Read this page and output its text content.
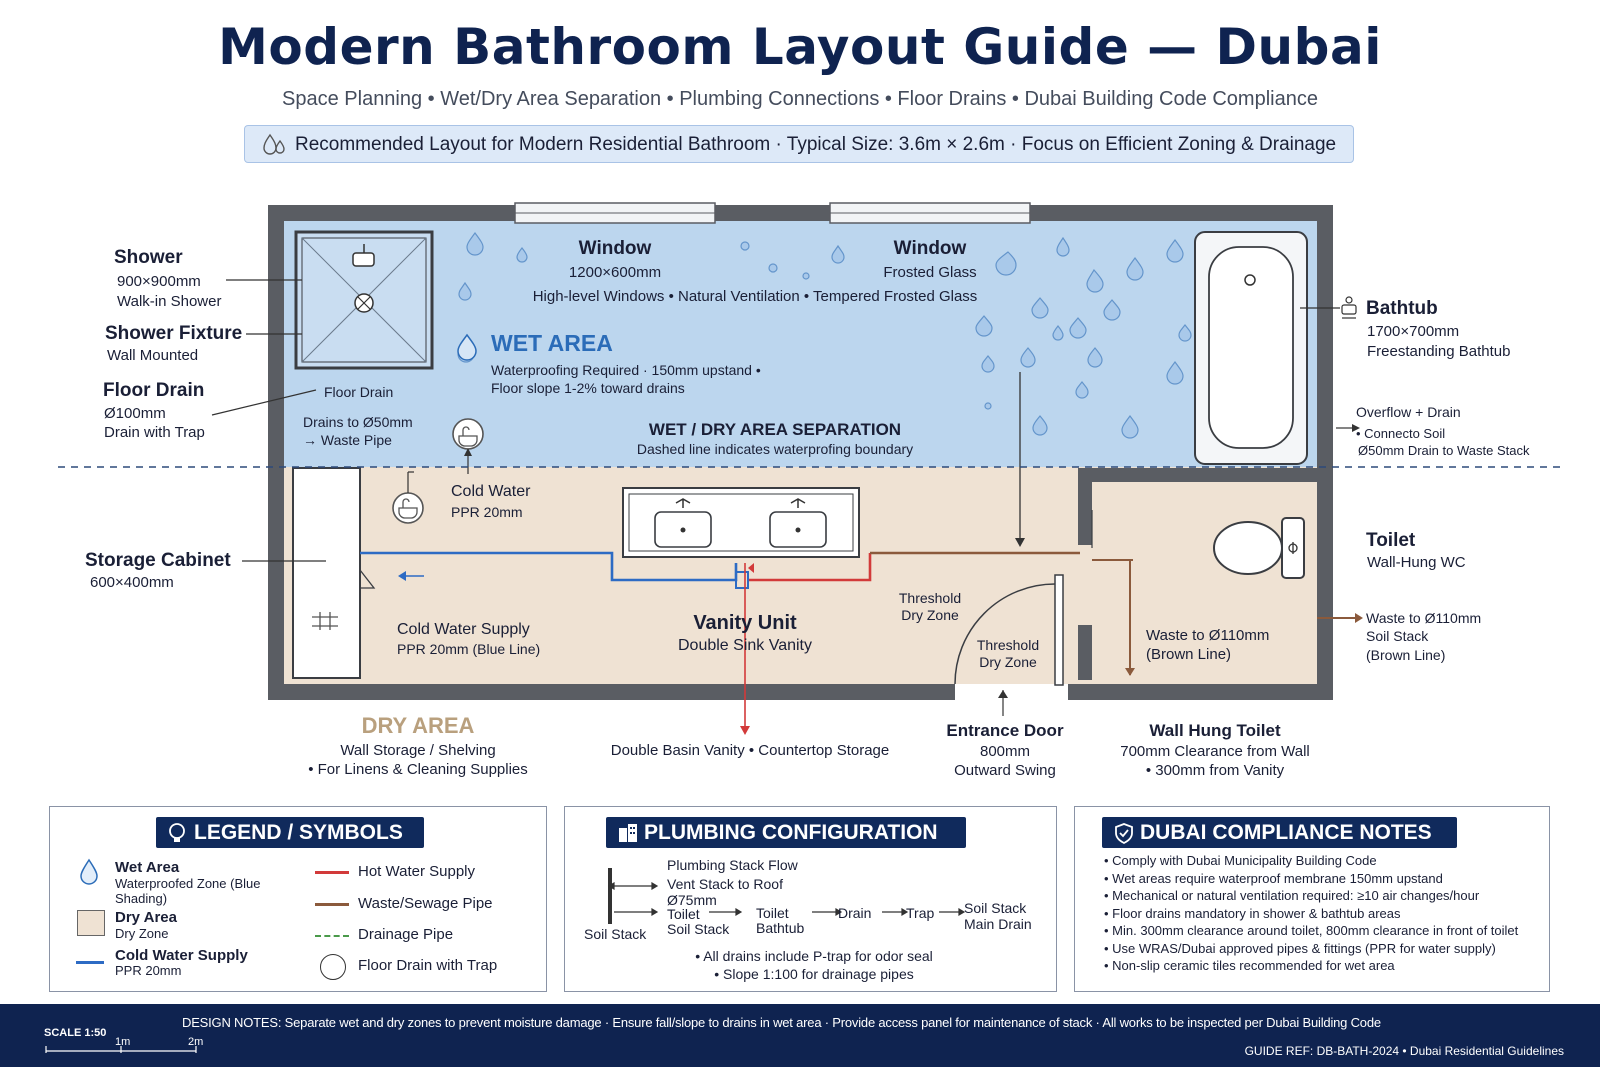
Modern Bathroom Layout Guide — Dubai
Space Planning • Wet/Dry Area Separation • Plumbing Connections • Floor Drains • Dubai Building Code Compliance
Recommended Layout for Modern Residential Bathroom · Typical Size: 3.6m × 2.6m · Focus on Efficient Zoning & Drainage
Shower
900×900mm
Walk-in Shower
Shower Fixture
Wall Mounted
Floor Drain
Ø100mm
Drain with Trap
Storage Cabinet
600×400mm
Bathtub
1700×700mm
Freestanding Bathtub
Overflow + Drain
• Connecto Soil
Ø50mm Drain to Waste Stack
Toilet
Wall-Hung WC
Waste to Ø110mm
Soil Stack
(Brown Line)
Window
1200×600mm
Window
Frosted Glass
High-level Windows • Natural Ventilation • Tempered Frosted Glass
WET AREA
Waterproofing Required · 150mm upstand •
Floor slope 1-2% toward drains
Floor Drain
Drains to Ø50mm
→ Waste Pipe
WET / DRY AREA SEPARATION
Dashed line indicates waterprofing boundary
Cold Water
PPR 20mm
Cold Water Supply
PPR 20mm (Blue Line)
Vanity Unit
Double Sink Vanity
Threshold
Dry Zone
Threshold
Dry Zone
Waste to Ø110mm
(Brown Line)
DRY AREA
Wall Storage / Shelving
• For Linens & Cleaning Supplies
Double Basin Vanity • Countertop Storage
Entrance Door
800mm
Outward Swing
Wall Hung Toilet
700mm Clearance from Wall
• 300mm from Vanity
LEGEND / SYMBOLS
Wet Area
Waterproofed Zone (Blue
Shading)
Dry Area
Dry Zone
Cold Water Supply
PPR 20mm
Hot Water Supply
Waste/Sewage Pipe
Drainage Pipe
Floor Drain with Trap
PLUMBING CONFIGURATION
Plumbing Stack Flow
Vent Stack to Roof
Ø75mm
Toilet
Soil Stack
Soil Stack
Toilet
Bathtub
Drain Trap Soil Stack
Main Drain
• All drains include P-trap for odor seal
• Slope 1:100 for drainage pipes
DUBAI COMPLIANCE NOTES
• Comply with Dubai Municipality Building Code
• Wet areas require waterproof membrane 150mm upstand
• Mechanical or natural ventilation required: ≥10 air changes/hour
• Floor drains mandatory in shower & bathtub areas
• Min. 300mm clearance around toilet, 800mm clearance in front of toilet
• Use WRAS/Dubai approved pipes & fittings (PPR for water supply)
• Non-slip ceramic tiles recommended for wet area
SCALE 1:50
1m	2m
DESIGN NOTES: Separate wet and dry zones to prevent moisture damage · Ensure fall/slope to drains in wet area · Provide access panel for maintenance of stack · All works to be inspected per Dubai Building Code
GUIDE REF: DB-BATH-2024 • Dubai Residential Guidelines
